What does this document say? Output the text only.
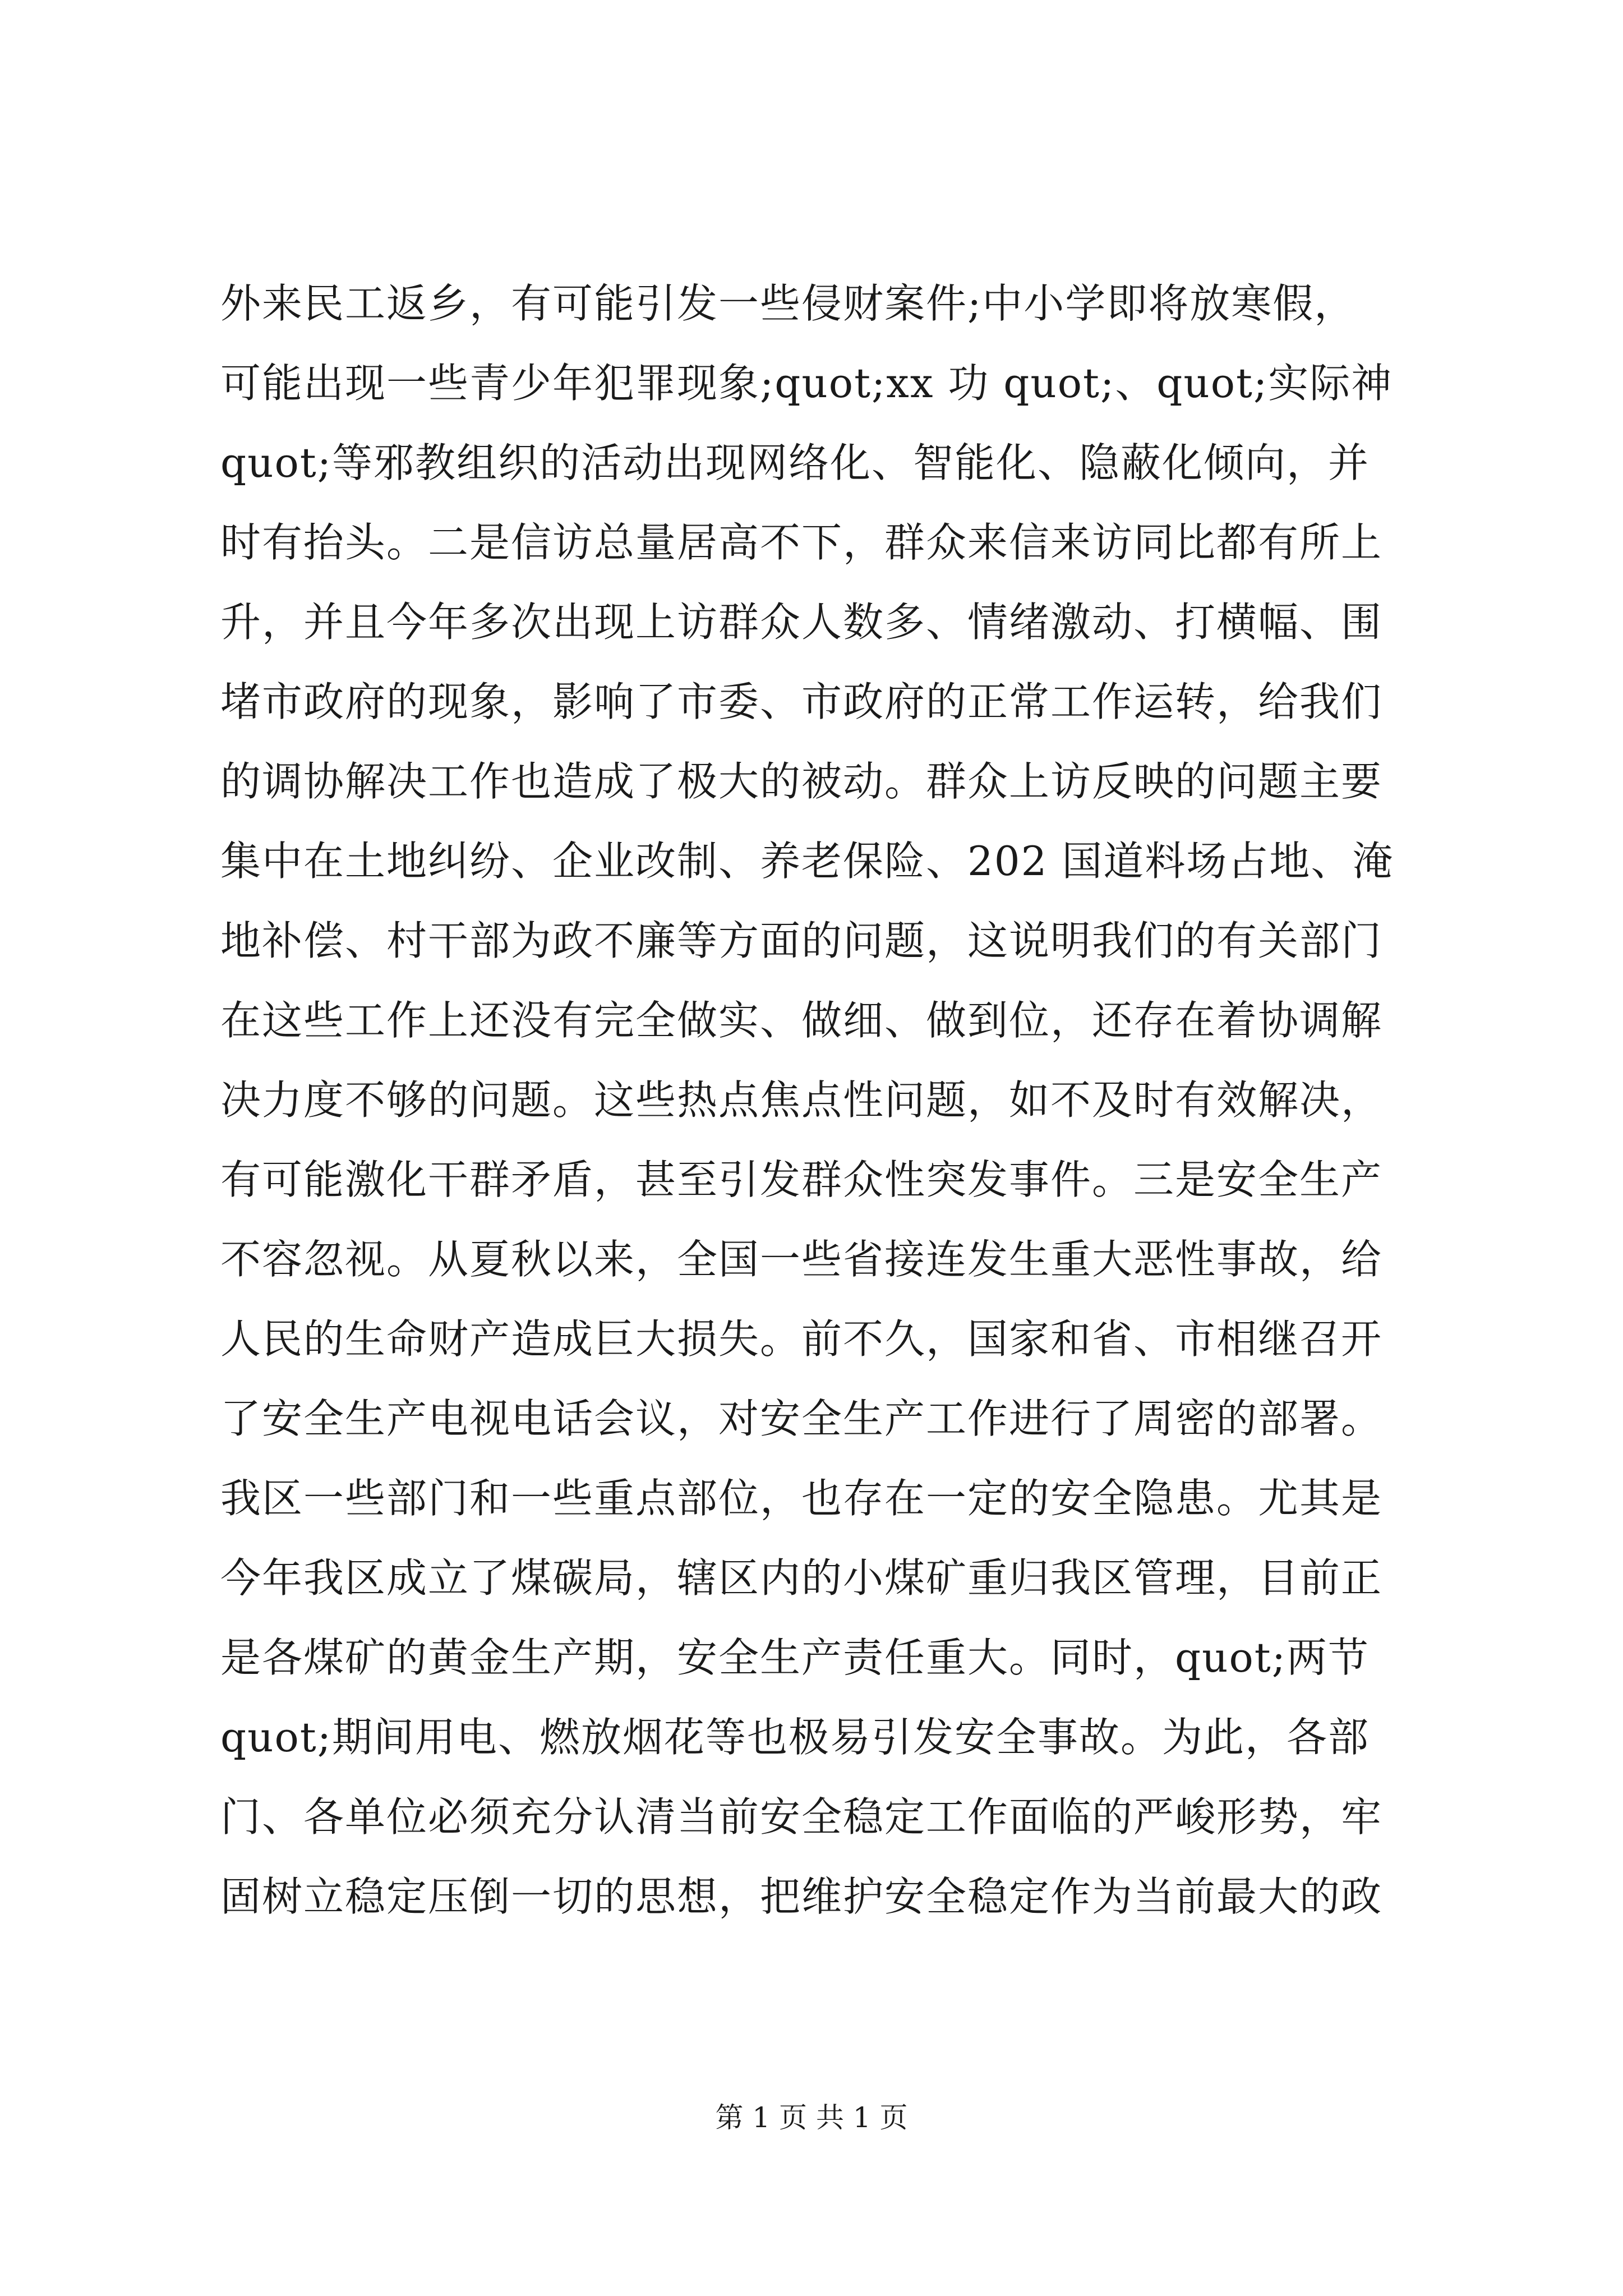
外来民工返乡，有可能引发一些侵财案件;中小学即将放寒假，
可能出现一些青少年犯罪现象;quot;xx 功 quot;、quot;实际神
quot;等邪教组织的活动出现网络化、智能化、隐蔽化倾向，并
时有抬头。二是信访总量居高不下，群众来信来访同比都有所上
升，并且今年多次出现上访群众人数多、情绪激动、打横幅、围
堵市政府的现象，影响了市委、市政府的正常工作运转，给我们
的调协解决工作也造成了极大的被动。群众上访反映的问题主要
集中在土地纠纷、企业改制、养老保险、202 国道料场占地、淹
地补偿、村干部为政不廉等方面的问题，这说明我们的有关部门
在这些工作上还没有完全做实、做细、做到位，还存在着协调解
决力度不够的问题。这些热点焦点性问题，如不及时有效解决，
有可能激化干群矛盾，甚至引发群众性突发事件。三是安全生产
不容忽视。从夏秋以来，全国一些省接连发生重大恶性事故，给
人民的生命财产造成巨大损失。前不久，国家和省、市相继召开
了安全生产电视电话会议，对安全生产工作进行了周密的部署。
我区一些部门和一些重点部位，也存在一定的安全隐患。尤其是
今年我区成立了煤碳局，辖区内的小煤矿重归我区管理，目前正
是各煤矿的黄金生产期，安全生产责任重大。同时，quot;两节
quot;期间用电、燃放烟花等也极易引发安全事故。为此，各部
门、各单位必须充分认清当前安全稳定工作面临的严峻形势，牢
固树立稳定压倒一切的思想，把维护安全稳定作为当前最大的政
第 1 页 共 1 页
